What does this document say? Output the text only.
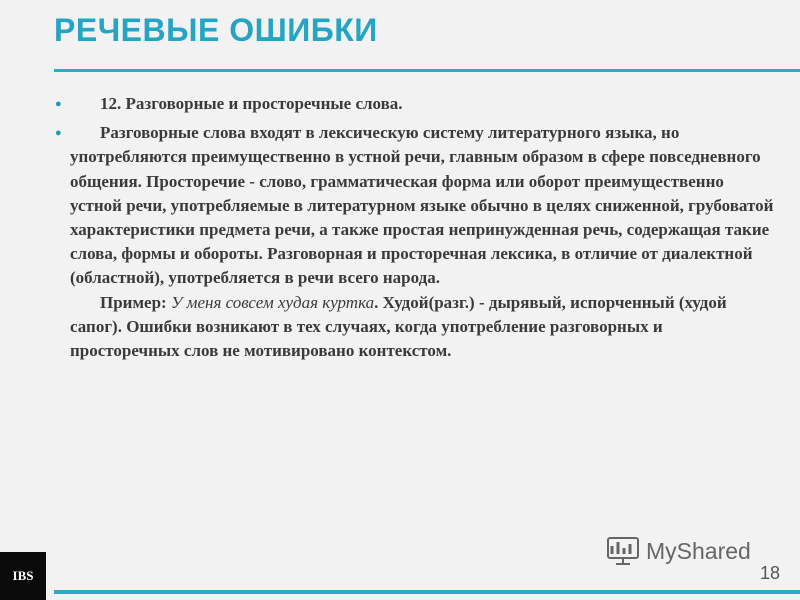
РЕЧЕВЫЕ ОШИБКИ
● 12. Разговорные и просторечные слова.
● Разговорные слова входят в лексическую систему литературного языка, но употребляются преимущественно в устной речи, главным образом в сфере повседневного общения. Просторечие - слово, грамматическая форма или оборот преимущественно устной речи, употребляемые в литературном языке обычно в целях сниженной, грубоватой характеристики предмета речи, а также простая непринужденная речь, содержащая такие слова, формы и обороты. Разговорная и просторечная лексика, в отличие от диалектной (областной), употребляется в речи всего народа.
Пример: У меня совсем худая куртка. Худой(разг.) - дырявый, испорченный (худой сапог). Ошибки возникают в тех случаях, когда употребление разговорных и просторечных слов не мотивировано контекстом.
IBS
MyShared
18
